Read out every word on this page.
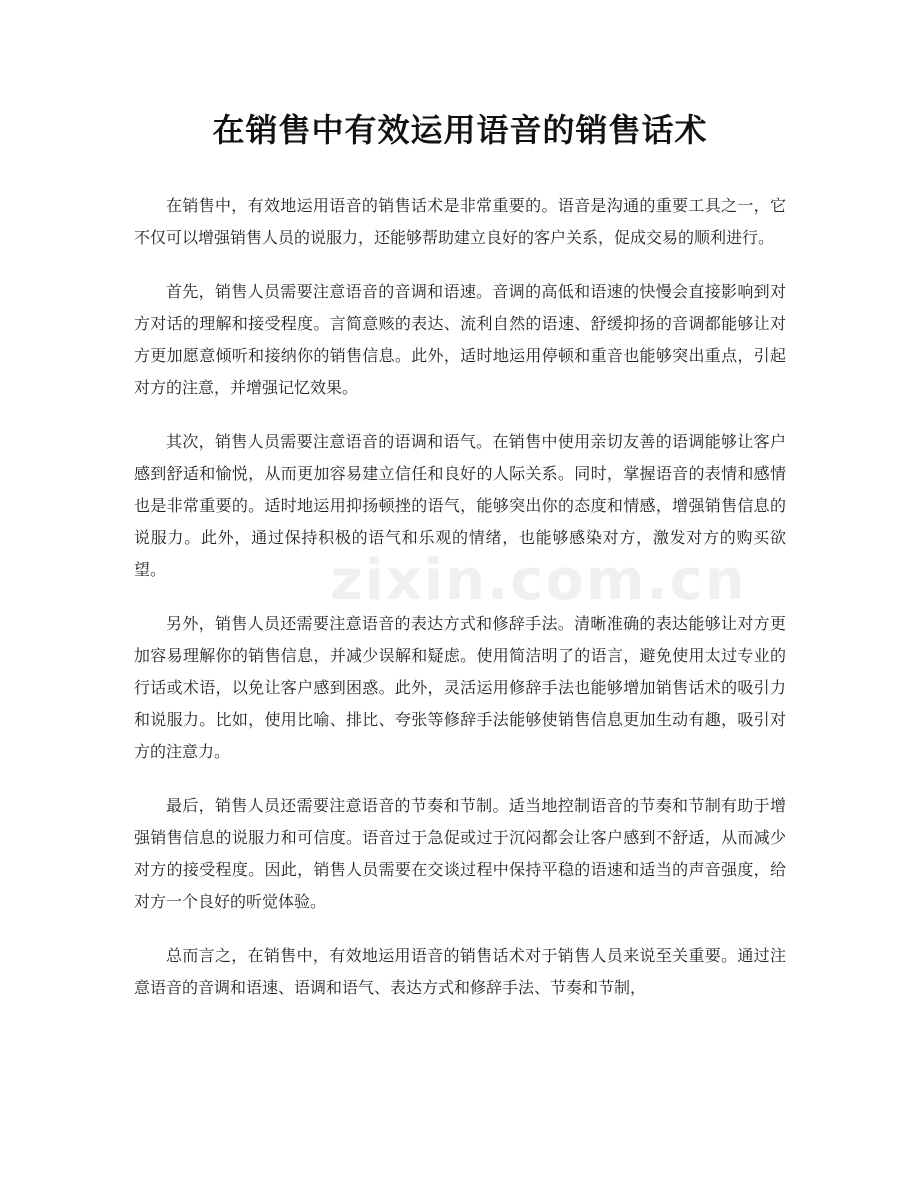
在销售中有效运用语音的销售话术

在销售中，有效地运用语音的销售话术是非常重要的。语音是沟通的重要工具之一，它不仅可以增强销售人员的说服力，还能够帮助建立良好的客户关系，促成交易的顺利进行。

首先，销售人员需要注意语音的音调和语速。音调的高低和语速的快慢会直接影响到对方对话的理解和接受程度。言简意赅的表达、流利自然的语速、舒缓抑扬的音调都能够让对方更加愿意倾听和接纳你的销售信息。此外，适时地运用停顿和重音也能够突出重点，引起对方的注意，并增强记忆效果。

其次，销售人员需要注意语音的语调和语气。在销售中使用亲切友善的语调能够让客户感到舒适和愉悦，从而更加容易建立信任和良好的人际关系。同时，掌握语音的表情和感情也是非常重要的。适时地运用抑扬顿挫的语气，能够突出你的态度和情感，增强销售信息的说服力。此外，通过保持积极的语气和乐观的情绪，也能够感染对方，激发对方的购买欲望。

另外，销售人员还需要注意语音的表达方式和修辞手法。清晰准确的表达能够让对方更加容易理解你的销售信息，并减少误解和疑虑。使用简洁明了的语言，避免使用太过专业的行话或术语，以免让客户感到困惑。此外，灵活运用修辞手法也能够增加销售话术的吸引力和说服力。比如，使用比喻、排比、夸张等修辞手法能够使销售信息更加生动有趣，吸引对方的注意力。

最后，销售人员还需要注意语音的节奏和节制。适当地控制语音的节奏和节制有助于增强销售信息的说服力和可信度。语音过于急促或过于沉闷都会让客户感到不舒适，从而减少对方的接受程度。因此，销售人员需要在交谈过程中保持平稳的语速和适当的声音强度，给对方一个良好的听觉体验。

总而言之，在销售中，有效地运用语音的销售话术对于销售人员来说至关重要。通过注意语音的音调和语速、语调和语气、表达方式和修辞手法、节奏和节制，

zixin.com.cn
